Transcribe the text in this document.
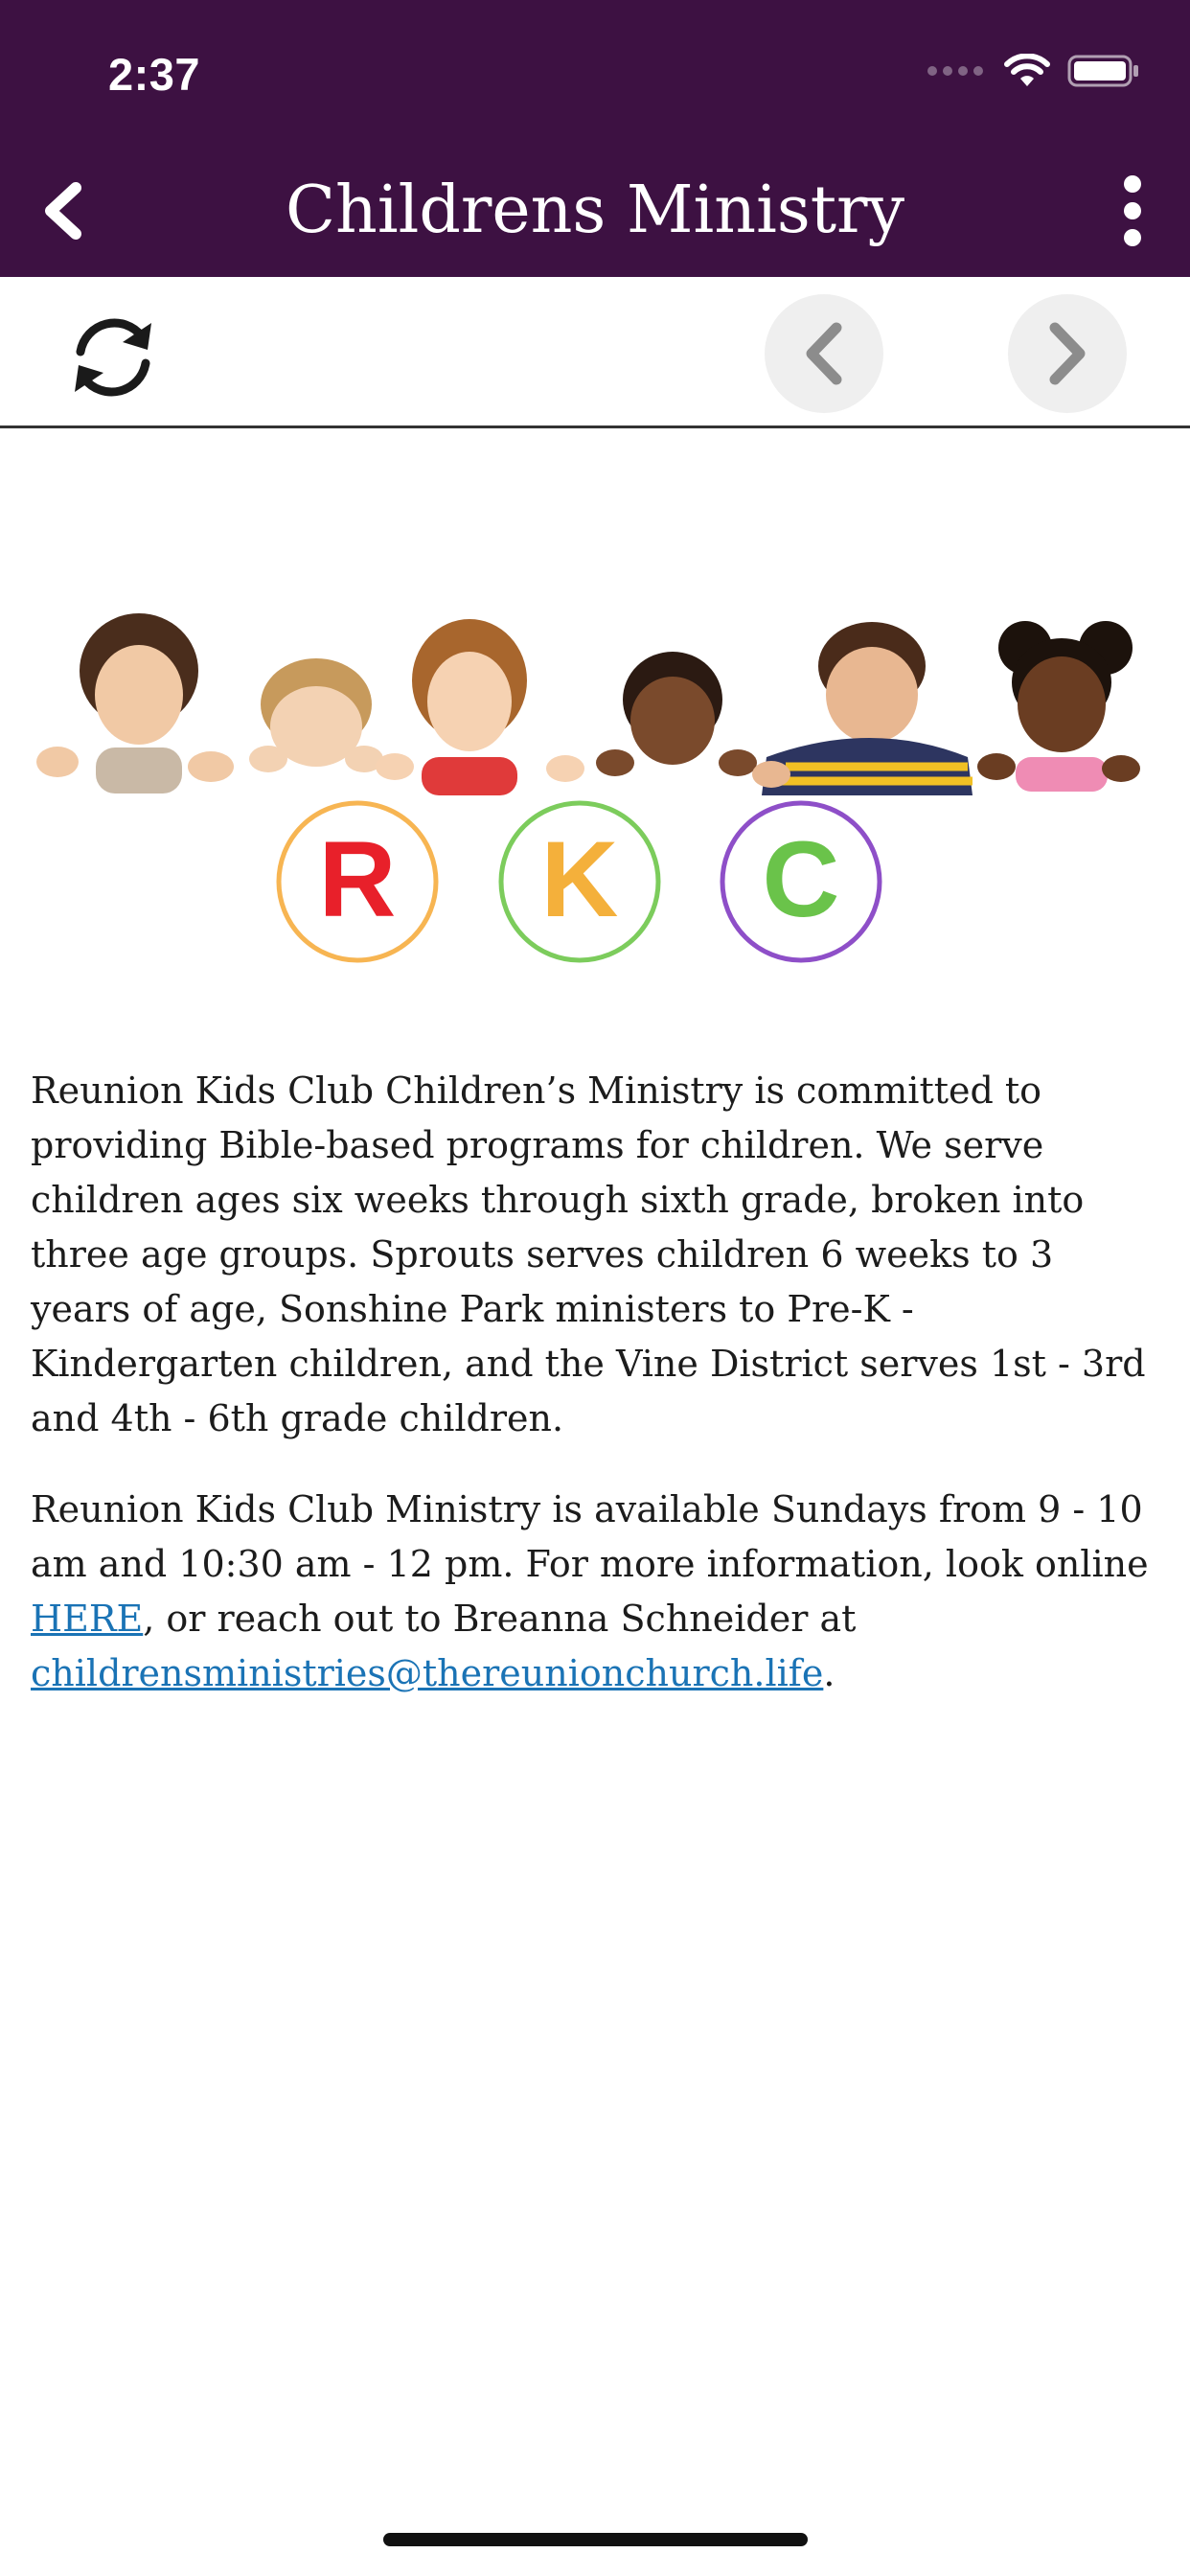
2:37
Childrens Ministry
R K C

Reunion Kids Club Children’s Ministry is committed to providing Bible-based programs for children. We serve children ages six weeks through sixth grade, broken into three age groups. Sprouts serves children 6 weeks to 3 years of age, Sonshine Park ministers to Pre-K - Kindergarten children, and the Vine District serves 1st - 3rd and 4th - 6th grade children.

Reunion Kids Club Ministry is available Sundays from 9 - 10 am and 10:30 am - 12 pm. For more information, look online HERE, or reach out to Breanna Schneider at childrensministries@thereunionchurch.life.
